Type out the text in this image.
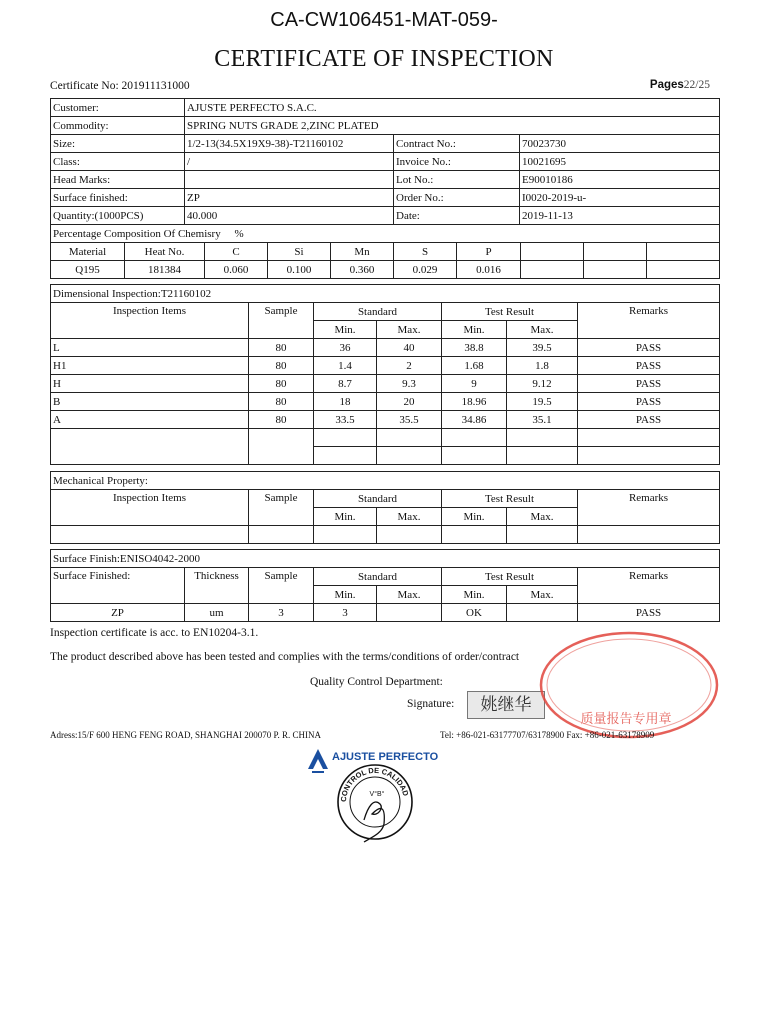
CA-CW106451-MAT-059-
CERTIFICATE OF INSPECTION
Certificate No: 201911131000	Pages22/25
Customer:	AJUSTE PERFECTO S.A.C.		
Commodity:	SPRING NUTS GRADE 2,ZINC PLATED		
Size:	1/2-13(34.5X19X9-38)-T21160102	Contract No.:	70023730
Class:	/	Invoice No.:	10021695
Head Marks:		Lot No.:	E90010186
Surface finished:	ZP	Order No.:	I0020-2019-u-
Quantity:(1000PCS)	40.000	Date:	2019-11-13
Percentage Composition Of Chemisry %									
Material	Heat No.	C	Si	Mn	S	P			
Q195	181384	0.060	0.100	0.360	0.029	0.016			
Dimensional Inspection:T21160102						
Inspection Items	Sample	Standard		Test Result		Remarks
		Min.	Max.	Min.	Max.	
L	80	36	40	38.8	39.5	PASS
H1	80	1.4	2	1.68	1.8	PASS
H	80	8.7	9.3	9	9.12	PASS
B	80	18	20	18.96	19.5	PASS
A	80	33.5	35.5	34.86	35.1	PASS

Mechanical Property:						
Inspection Items	Sample	Standard		Test Result		Remarks
		Min.	Max.	Min.	Max.	

Surface Finish:ENISO4042-2000							
Surface Finished:	Thickness	Sample	Standard		Test Result		Remarks
			Min.	Max.	Min.	Max.	
ZP	um	3	3		OK		PASS
Inspection certificate is acc. to EN10204-3.1.
The product described above has been tested and complies with the terms/conditions of order/contract
Quality Control Department:
Signature:	姚继华
质量报告专用章
Adress:15/F 600 HENG FENG ROAD, SHANGHAI 200070 P. R. CHINA	Tel: +86-021-63177707/63178900 Fax: +86-021-63178909
AJUSTE PERFECTO
CONTROL DE CALIDAD
V°B°
